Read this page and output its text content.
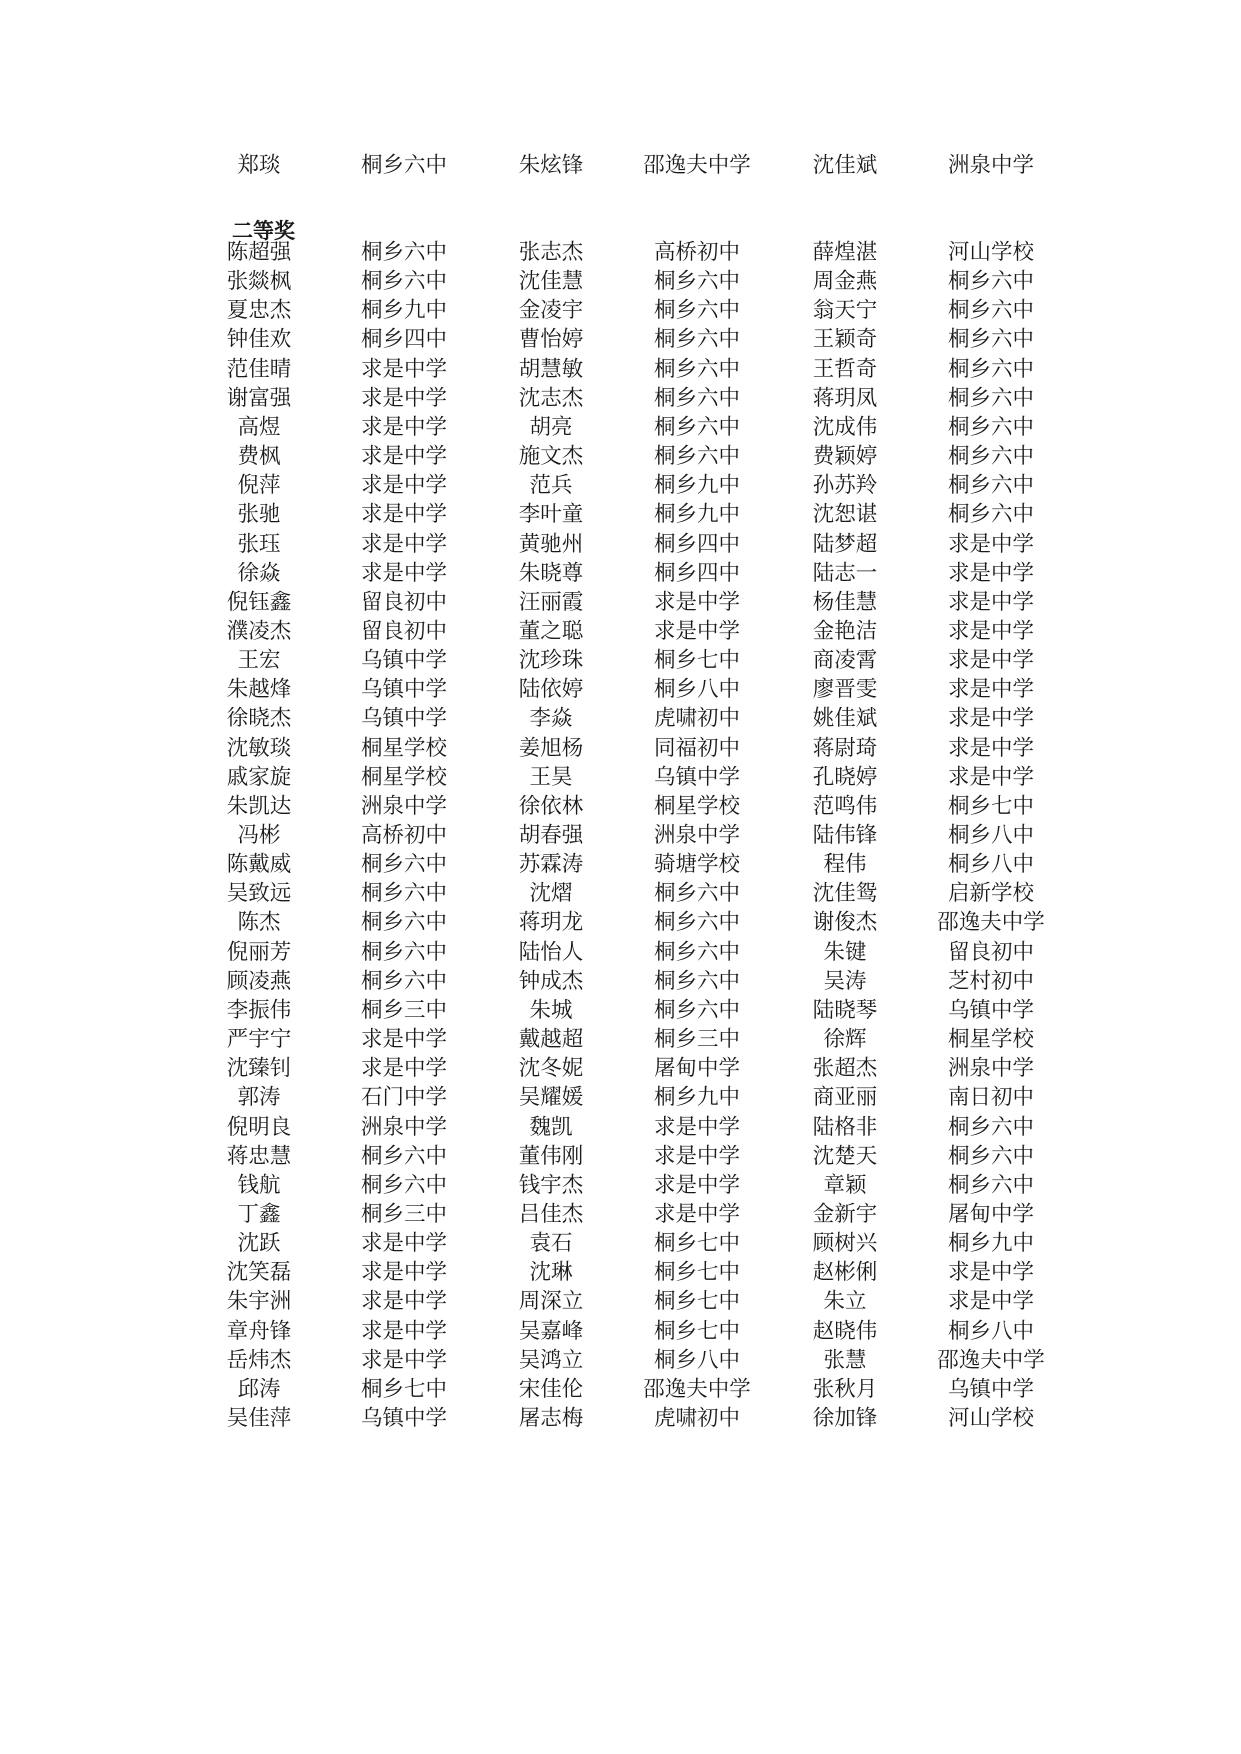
郑琰	桐乡六中	朱炫锋	邵逸夫中学	沈佳斌	洲泉中学
二等奖
陈超强	桐乡六中	张志杰	高桥初中	薛煌湛	河山学校
张燚枫	桐乡六中	沈佳慧	桐乡六中	周金燕	桐乡六中
夏忠杰	桐乡九中	金凌宇	桐乡六中	翁天宁	桐乡六中
钟佳欢	桐乡四中	曹怡婷	桐乡六中	王颖奇	桐乡六中
范佳晴	求是中学	胡慧敏	桐乡六中	王哲奇	桐乡六中
谢富强	求是中学	沈志杰	桐乡六中	蒋玥凤	桐乡六中
高煜	求是中学	胡亮	桐乡六中	沈成伟	桐乡六中
费枫	求是中学	施文杰	桐乡六中	费颖婷	桐乡六中
倪萍	求是中学	范兵	桐乡九中	孙苏羚	桐乡六中
张驰	求是中学	李叶童	桐乡九中	沈恕谌	桐乡六中
张珏	求是中学	黄驰州	桐乡四中	陆梦超	求是中学
徐焱	求是中学	朱晓尊	桐乡四中	陆志一	求是中学
倪钰鑫	留良初中	汪丽霞	求是中学	杨佳慧	求是中学
濮凌杰	留良初中	董之聪	求是中学	金艳洁	求是中学
王宏	乌镇中学	沈珍珠	桐乡七中	商凌霄	求是中学
朱越烽	乌镇中学	陆依婷	桐乡八中	廖晋雯	求是中学
徐晓杰	乌镇中学	李焱	虎啸初中	姚佳斌	求是中学
沈敏琰	桐星学校	姜旭杨	同福初中	蒋尉琦	求是中学
戚家旋	桐星学校	王昊	乌镇中学	孔晓婷	求是中学
朱凯达	洲泉中学	徐依林	桐星学校	范鸣伟	桐乡七中
冯彬	高桥初中	胡春强	洲泉中学	陆伟锋	桐乡八中
陈戴威	桐乡六中	苏霖涛	骑塘学校	程伟	桐乡八中
吴致远	桐乡六中	沈熠	桐乡六中	沈佳鸳	启新学校
陈杰	桐乡六中	蒋玥龙	桐乡六中	谢俊杰	邵逸夫中学
倪丽芳	桐乡六中	陆怡人	桐乡六中	朱键	留良初中
顾凌燕	桐乡六中	钟成杰	桐乡六中	吴涛	芝村初中
李振伟	桐乡三中	朱城	桐乡六中	陆晓琴	乌镇中学
严宇宁	求是中学	戴越超	桐乡三中	徐辉	桐星学校
沈臻钊	求是中学	沈冬妮	屠甸中学	张超杰	洲泉中学
郭涛	石门中学	吴耀媛	桐乡九中	商亚丽	南日初中
倪明良	洲泉中学	魏凯	求是中学	陆格非	桐乡六中
蒋忠慧	桐乡六中	董伟刚	求是中学	沈楚天	桐乡六中
钱航	桐乡六中	钱宇杰	求是中学	章颖	桐乡六中
丁鑫	桐乡三中	吕佳杰	求是中学	金新宇	屠甸中学
沈跃	求是中学	袁石	桐乡七中	顾树兴	桐乡九中
沈笑磊	求是中学	沈琳	桐乡七中	赵彬俐	求是中学
朱宇洲	求是中学	周深立	桐乡七中	朱立	求是中学
章舟锋	求是中学	吴嘉峰	桐乡七中	赵晓伟	桐乡八中
岳炜杰	求是中学	吴鸿立	桐乡八中	张慧	邵逸夫中学
邱涛	桐乡七中	宋佳伦	邵逸夫中学	张秋月	乌镇中学
吴佳萍	乌镇中学	屠志梅	虎啸初中	徐加锋	河山学校
